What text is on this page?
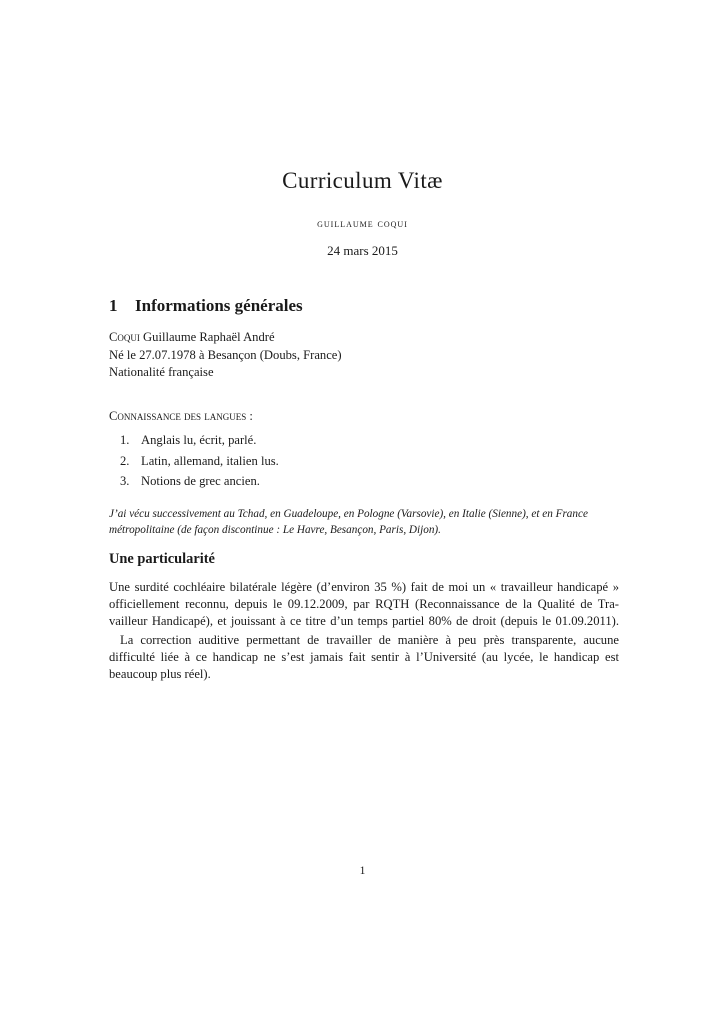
Curriculum Vitæ
guillaume coqui
24 mars 2015
1 Informations générales
Coqui Guillaume Raphaël André
Né le 27.07.1978 à Besançon (Doubs, France)
Nationalité française
Connaissance des langues :
1. Anglais lu, écrit, parlé.
2. Latin, allemand, italien lus.
3. Notions de grec ancien.
J’ai vécu successivement au Tchad, en Guadeloupe, en Pologne (Varsovie), en Italie (Sienne), et en France métropolitaine (de façon discontinue : Le Havre, Besançon, Paris, Dijon).
Une particularité
Une surdité cochléaire bilatérale légère (d’environ 35 %) fait de moi un « travailleur handicapé »
officiellement reconnu, depuis le 09.12.2009, par RQTH (Reconnaissance de la Qualité de Tra-
vailleur Handicapé), et jouissant à ce titre d’un temps partiel 80% de droit (depuis le 01.09.2011).
La correction auditive permettant de travailler de manière à peu près transparente, aucune
difficulté liée à ce handicap ne s’est jamais fait sentir à l’Université (au lycée, le handicap est
beaucoup plus réel).
1
